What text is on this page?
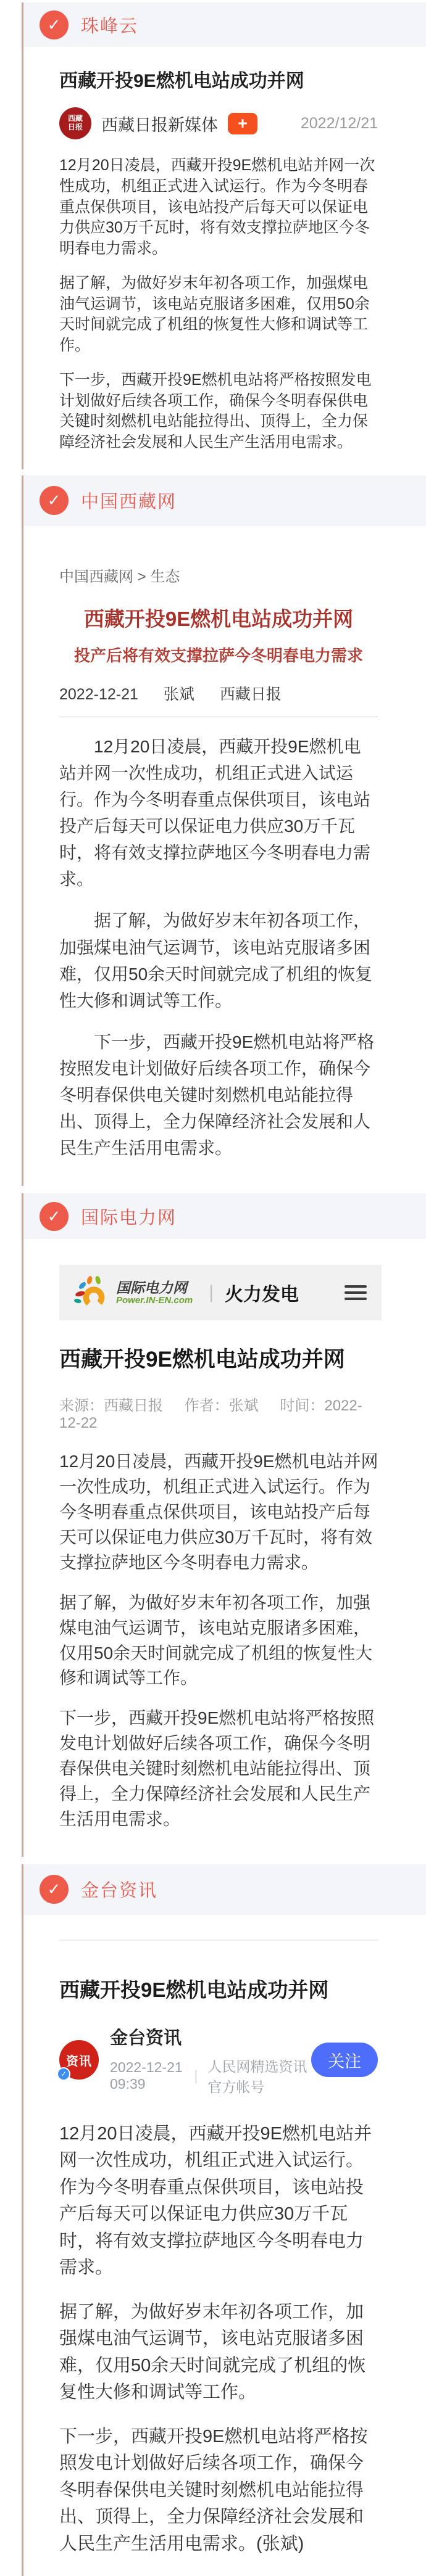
✓	珠峰云
西藏开投9E燃机电站成功并网
西藏
日报 西藏日报新媒体	+	2022/12/21

12月20日凌晨，西藏开投9E燃机电站并网一次性成功，机组正式进入试运行。作为今冬明春重点保供项目，该电站投产后每天可以保证电力供应30万千瓦时，将有效支撑拉萨地区今冬明春电力需求。

据了解，为做好岁末年初各项工作，加强煤电油气运调节，该电站克服诸多困难，仅用50余天时间就完成了机组的恢复性大修和调试等工作。

下一步，西藏开投9E燃机电站将严格按照发电计划做好后续各项工作，确保今冬明春保供电关键时刻燃机电站能拉得出、顶得上，全力保障经济社会发展和人民生产生活用电需求。

✓	中国西藏网
中国西藏网 > 生态
西藏开投9E燃机电站成功并网
投产后将有效支撑拉萨今冬明春电力需求
2022-12-21 张斌 西藏日报

12月20日凌晨，西藏开投9E燃机电站并网一次性成功，机组正式进入试运行。作为今冬明春重点保供项目，该电站投产后每天可以保证电力供应30万千瓦时，将有效支撑拉萨地区今冬明春电力需求。

据了解，为做好岁末年初各项工作，加强煤电油气运调节，该电站克服诸多困难，仅用50余天时间就完成了机组的恢复性大修和调试等工作。

下一步，西藏开投9E燃机电站将严格按照发电计划做好后续各项工作，确保今冬明春保供电关键时刻燃机电站能拉得出、顶得上，全力保障经济社会发展和人民生产生活用电需求。

✓	国际电力网
国际电力网
Power.IN-EN.com | 火力发电
西藏开投9E燃机电站成功并网
来源：西藏日报 作者：张斌 时间：2022-12-22

12月20日凌晨，西藏开投9E燃机电站并网一次性成功，机组正式进入试运行。作为今冬明春重点保供项目，该电站投产后每天可以保证电力供应30万千瓦时，将有效支撑拉萨地区今冬明春电力需求。

据了解，为做好岁末年初各项工作，加强煤电油气运调节，该电站克服诸多困难，仅用50余天时间就完成了机组的恢复性大修和调试等工作。

下一步，西藏开投9E燃机电站将严格按照发电计划做好后续各项工作，确保今冬明春保供电关键时刻燃机电站能拉得出、顶得上，全力保障经济社会发展和人民生产生活用电需求。

✓	金台资讯
西藏开投9E燃机电站成功并网
资讯
✓
金台资讯
2022-12-21 09:39
|
人民网精选资讯官方帐号
关注

12月20日凌晨，西藏开投9E燃机电站并网一次性成功，机组正式进入试运行。作为今冬明春重点保供项目，该电站投产后每天可以保证电力供应30万千瓦时，将有效支撑拉萨地区今冬明春电力需求。

据了解，为做好岁末年初各项工作，加强煤电油气运调节，该电站克服诸多困难，仅用50余天时间就完成了机组的恢复性大修和调试等工作。

下一步，西藏开投9E燃机电站将严格按照发电计划做好后续各项工作，确保今冬明春保供电关键时刻燃机电站能拉得出、顶得上，全力保障经济社会发展和人民生产生活用电需求。(张斌)
